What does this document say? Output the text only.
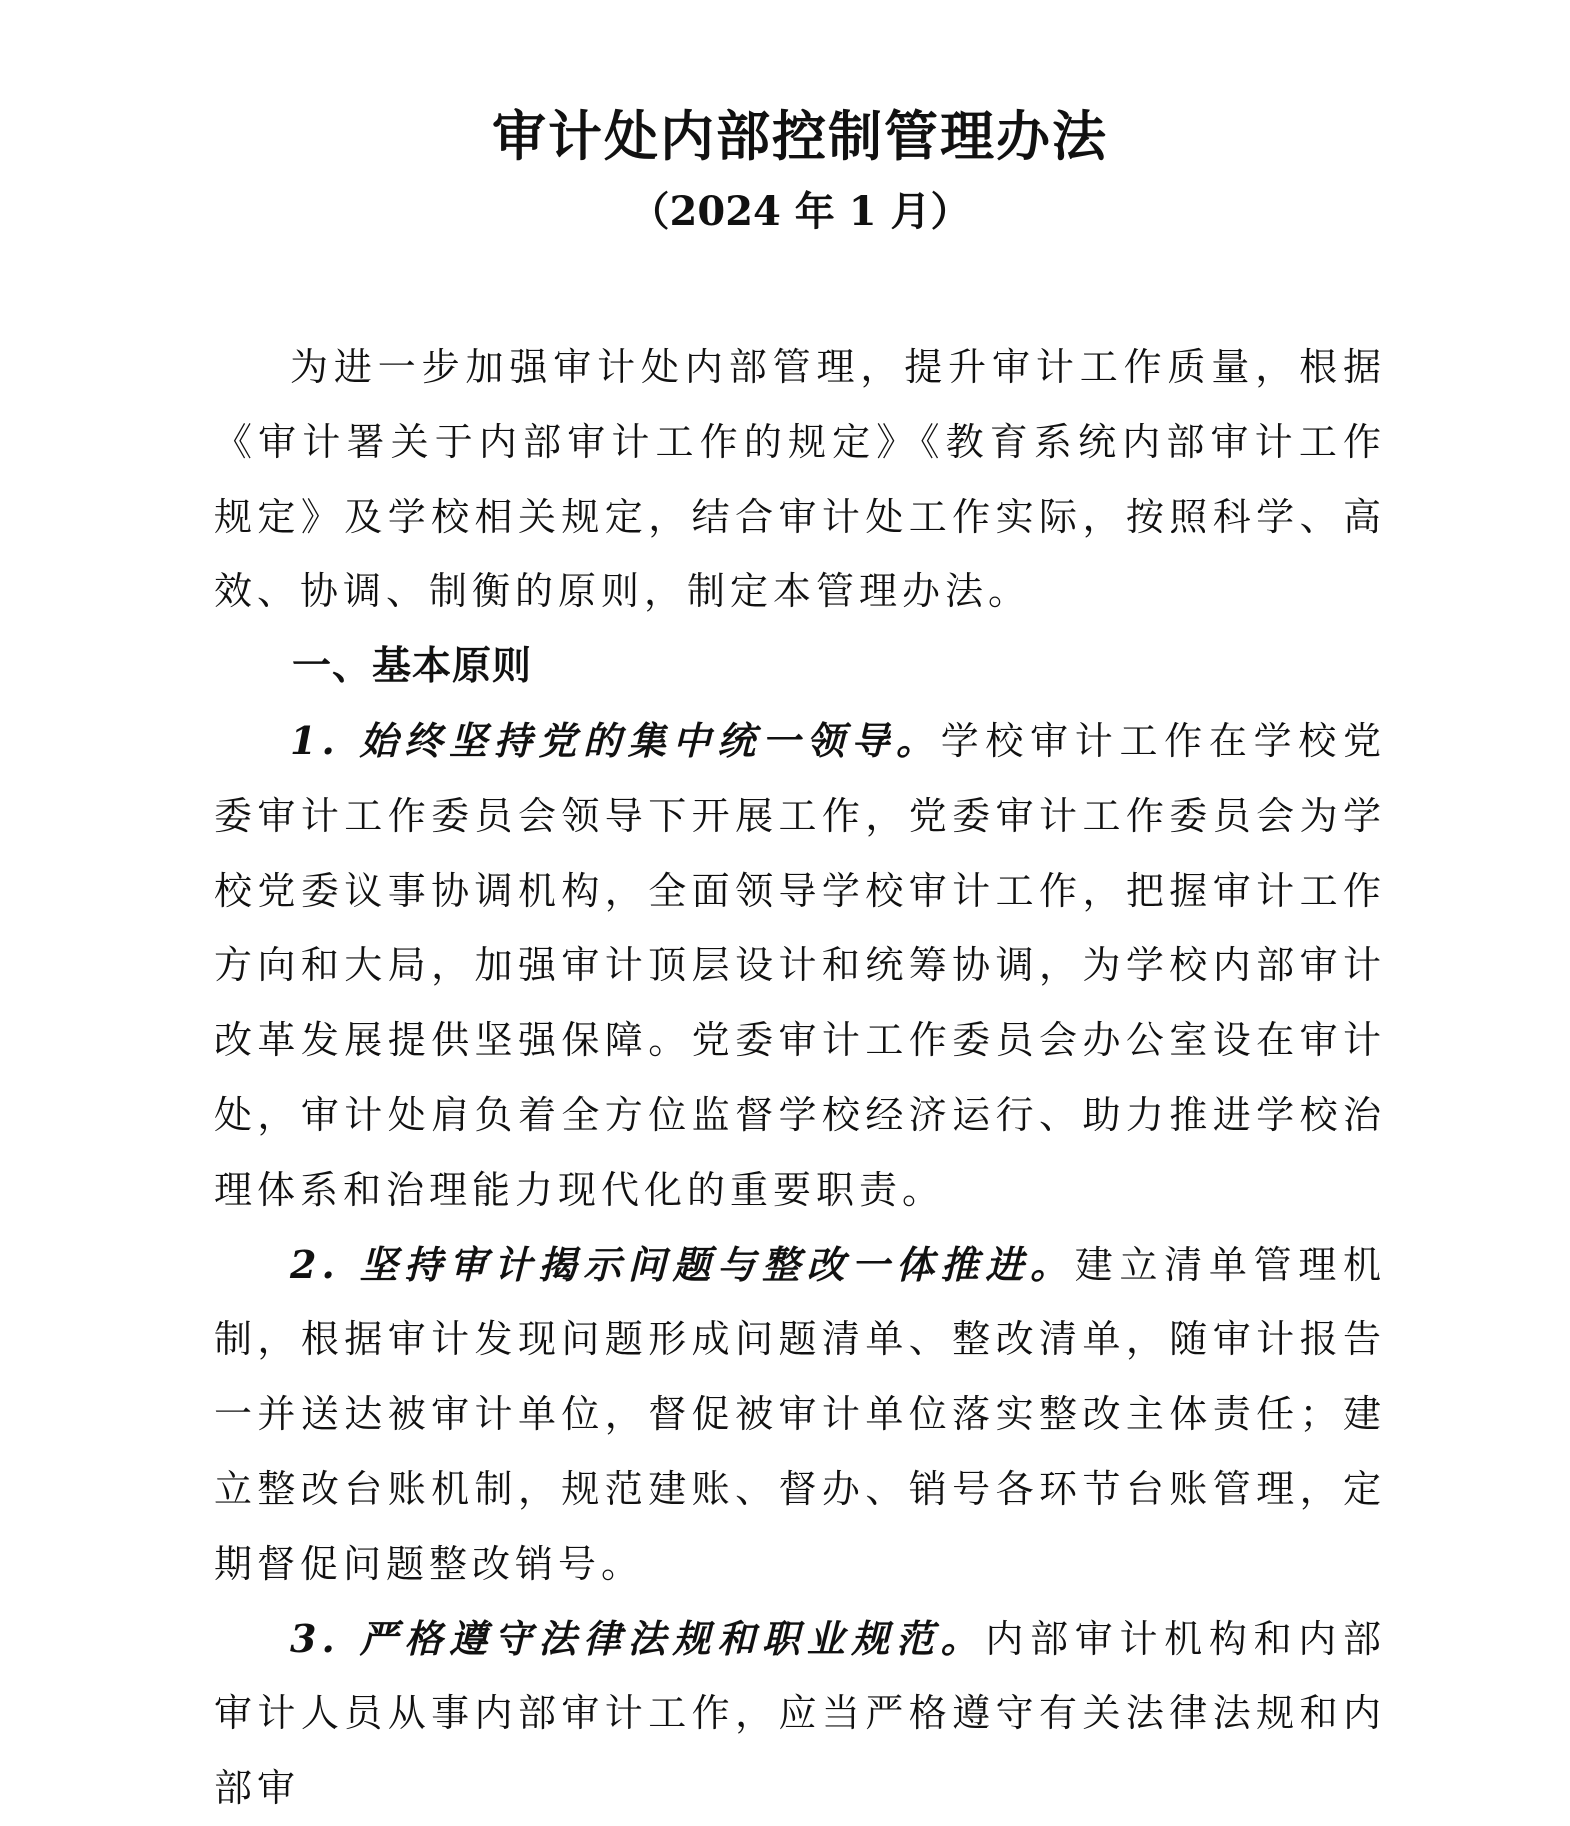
审计处内部控制管理办法
（2024 年 1 月）

为进一步加强审计处内部管理，提升审计工作质量，根据《审计署关于内部审计工作的规定》《教育系统内部审计工作规定》及学校相关规定，结合审计处工作实际，按照科学、高效、协调、制衡的原则，制定本管理办法。

一、基本原则

1. 始终坚持党的集中统一领导。学校审计工作在学校党委审计工作委员会领导下开展工作，党委审计工作委员会为学校党委议事协调机构，全面领导学校审计工作，把握审计工作方向和大局，加强审计顶层设计和统筹协调，为学校内部审计改革发展提供坚强保障。党委审计工作委员会办公室设在审计处，审计处肩负着全方位监督学校经济运行、助力推进学校治理体系和治理能力现代化的重要职责。

2. 坚持审计揭示问题与整改一体推进。建立清单管理机制，根据审计发现问题形成问题清单、整改清单，随审计报告一并送达被审计单位，督促被审计单位落实整改主体责任；建立整改台账机制，规范建账、督办、销号各环节台账管理，定期督促问题整改销号。

3. 严格遵守法律法规和职业规范。内部审计机构和内部审计人员从事内部审计工作，应当严格遵守有关法律法规和内部审
